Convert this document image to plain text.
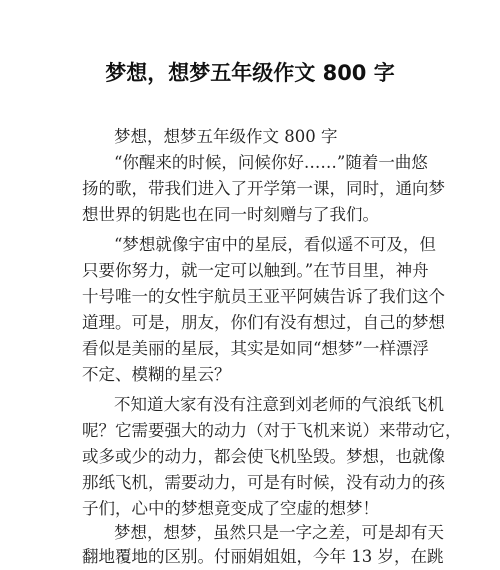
梦想，想梦五年级作文 800 字
梦想，想梦五年级作文 800 字
“你醒来的时候，问候你好……”随着一曲悠
扬的歌，带我们进入了开学第一课，同时，通向梦
想世界的钥匙也在同一时刻赠与了我们。
“梦想就像宇宙中的星辰，看似遥不可及，但
只要你努力，就一定可以触到。”在节目里，神舟
十号唯一的女性宇航员王亚平阿姨告诉了我们这个
道理。可是，朋友，你们有没有想过，自己的梦想
看似是美丽的星辰，其实是如同“想梦”一样漂浮
不定、模糊的星云？
不知道大家有没有注意到刘老师的气浪纸飞机
呢？它需要强大的动力（对于飞机来说）来带动它，
或多或少的动力，都会使飞机坠毁。梦想，也就像
那纸飞机，需要动力，可是有时候，没有动力的孩
子们，心中的梦想竟变成了空虚的想梦！
梦想，想梦，虽然只是一字之差，可是却有天
翻地覆地的区别。付丽娟姐姐，今年 13 岁，在跳
